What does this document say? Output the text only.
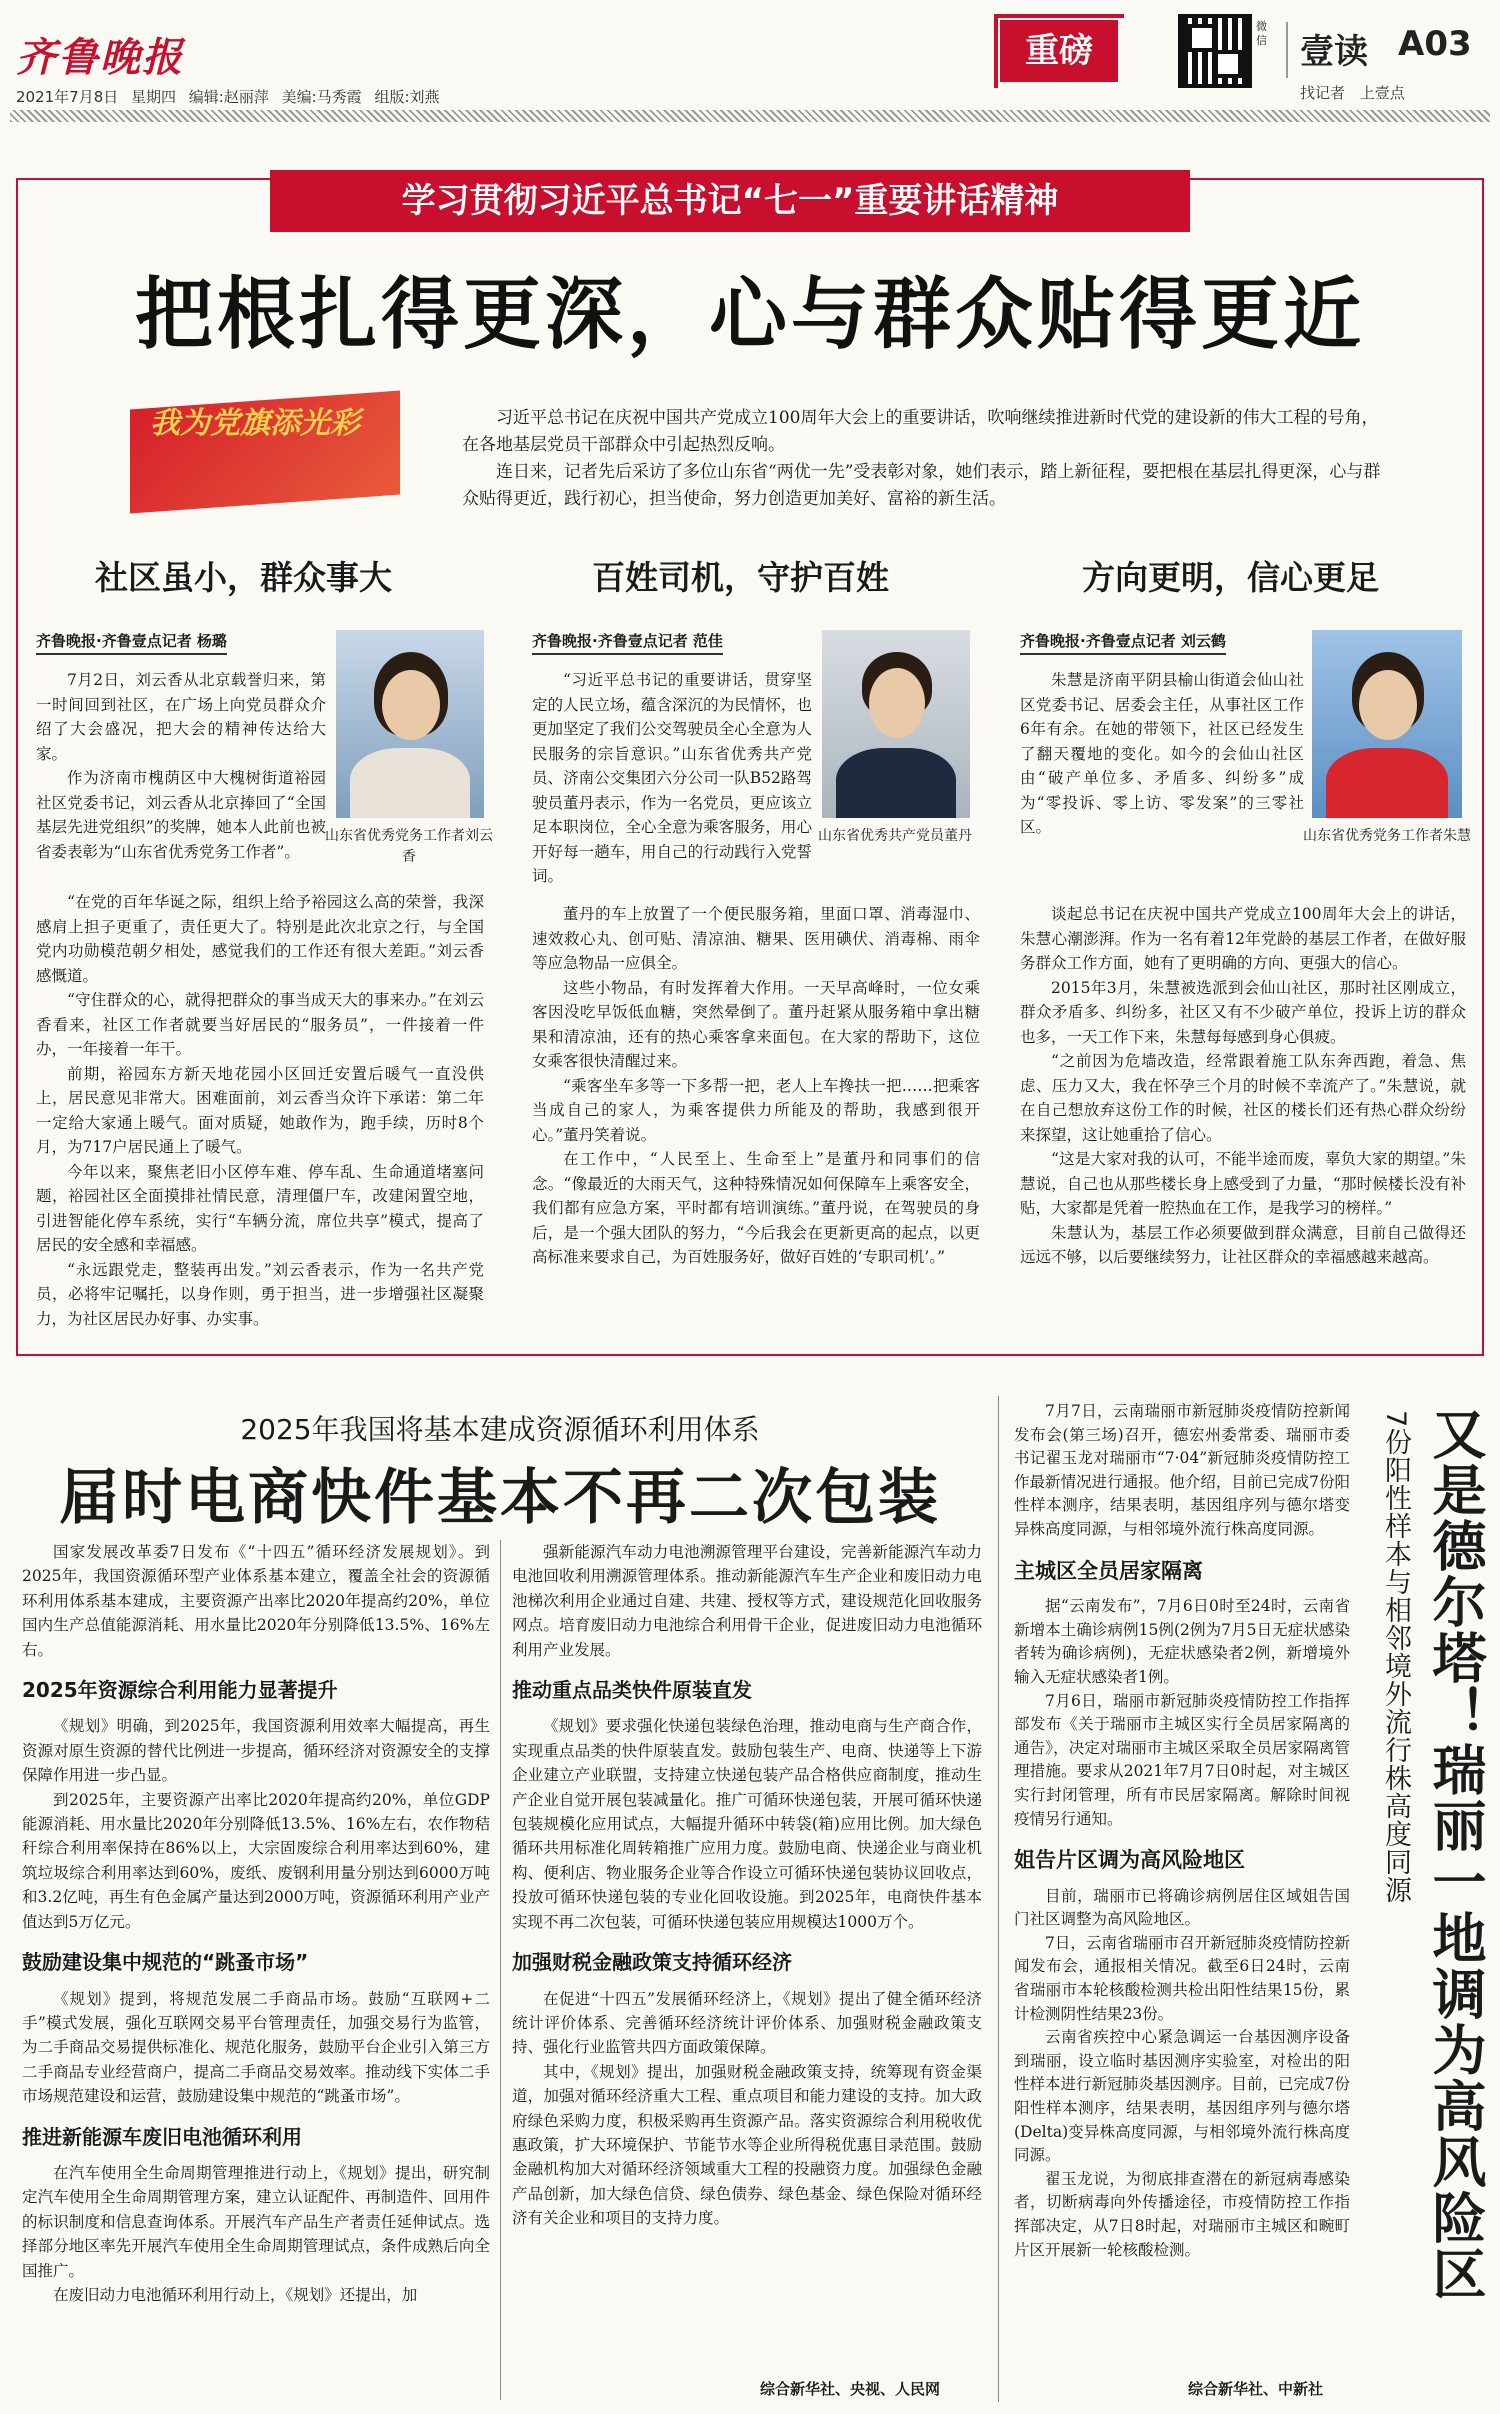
齐鲁晚报
2021年7月8日 星期四 编辑:赵丽萍 美编:马秀霞 组版:刘燕
重磅
微信 壹读 A03
找记者 上壹点
学习贯彻习近平总书记“七一”重要讲话精神
把根扎得更深，心与群众贴得更近
我为党旗添光彩	习近平总书记在庆祝中国共产党成立100周年大会上的重要讲话，吹响继续推进新时代党的建设新的伟大工程的号角，在各地基层党员干部群众中引起热烈反响。

连日来，记者先后采访了多位山东省“两优一先”受表彰对象，她们表示，踏上新征程，要把根在基层扎得更深，心与群众贴得更近，践行初心，担当使命，努力创造更加美好、富裕的新生活。

社区虽小，群众事大
齐鲁晚报·齐鲁壹点记者 杨璐

7月2日，刘云香从北京载誉归来，第一时间回到社区，在广场上向党员群众介绍了大会盛况，把大会的精神传达给大家。

作为济南市槐荫区中大槐树街道裕园社区党委书记，刘云香从北京捧回了“全国基层先进党组织”的奖牌，她本人此前也被省委表彰为“山东省优秀党务工作者”。

山东省优秀党务工作者刘云香

“在党的百年华诞之际，组织上给予裕园这么高的荣誉，我深感肩上担子更重了，责任更大了。特别是此次北京之行，与全国党内功勋模范朝夕相处，感觉我们的工作还有很大差距。”刘云香感慨道。

“守住群众的心，就得把群众的事当成天大的事来办。”在刘云香看来，社区工作者就要当好居民的“服务员”，一件接着一件办，一年接着一年干。

前期，裕园东方新天地花园小区回迁安置后暖气一直没供上，居民意见非常大。困难面前，刘云香当众许下承诺：第二年一定给大家通上暖气。面对质疑，她敢作为，跑手续，历时8个月，为717户居民通上了暖气。

今年以来，聚焦老旧小区停车难、停车乱、生命通道堵塞问题，裕园社区全面摸排社情民意，清理僵尸车，改建闲置空地，引进智能化停车系统，实行“车辆分流，席位共享”模式，提高了居民的安全感和幸福感。

“永远跟党走，整装再出发。”刘云香表示，作为一名共产党员，必将牢记嘱托，以身作则，勇于担当，进一步增强社区凝聚力，为社区居民办好事、办实事。

百姓司机，守护百姓
齐鲁晚报·齐鲁壹点记者 范佳

“习近平总书记的重要讲话，贯穿坚定的人民立场，蕴含深沉的为民情怀，也更加坚定了我们公交驾驶员全心全意为人民服务的宗旨意识。”山东省优秀共产党员、济南公交集团六分公司一队B52路驾驶员董丹表示，作为一名党员，更应该立足本职岗位，全心全意为乘客服务，用心开好每一趟车，用自己的行动践行入党誓词。

山东省优秀共产党员董丹

董丹的车上放置了一个便民服务箱，里面口罩、消毒湿巾、速效救心丸、创可贴、清凉油、糖果、医用碘伏、消毒棉、雨伞等应急物品一应俱全。

这些小物品，有时发挥着大作用。一天早高峰时，一位女乘客因没吃早饭低血糖，突然晕倒了。董丹赶紧从服务箱中拿出糖果和清凉油，还有的热心乘客拿来面包。在大家的帮助下，这位女乘客很快清醒过来。

“乘客坐车多等一下多帮一把，老人上车搀扶一把……把乘客当成自己的家人，为乘客提供力所能及的帮助，我感到很开心。”董丹笑着说。

在工作中，“人民至上、生命至上”是董丹和同事们的信念。“像最近的大雨天气，这种特殊情况如何保障车上乘客安全，我们都有应急方案，平时都有培训演练。”董丹说，在驾驶员的身后，是一个强大团队的努力，“今后我会在更新更高的起点，以更高标准来要求自己，为百姓服务好，做好百姓的‘专职司机’。”

方向更明，信心更足
齐鲁晚报·齐鲁壹点记者 刘云鹤

朱慧是济南平阴县榆山街道会仙山社区党委书记、居委会主任，从事社区工作6年有余。在她的带领下，社区已经发生了翻天覆地的变化。如今的会仙山社区由“破产单位多、矛盾多、纠纷多”成为“零投诉、零上访、零发案”的三零社区。	山东省优秀党务工作者朱慧

谈起总书记在庆祝中国共产党成立100周年大会上的讲话，朱慧心潮澎湃。作为一名有着12年党龄的基层工作者，在做好服务群众工作方面，她有了更明确的方向、更强大的信心。

2015年3月，朱慧被选派到会仙山社区，那时社区刚成立，群众矛盾多、纠纷多，社区又有不少破产单位，投诉上访的群众也多，一天工作下来，朱慧每每感到身心俱疲。

“之前因为危墙改造，经常跟着施工队东奔西跑，着急、焦虑、压力又大，我在怀孕三个月的时候不幸流产了。”朱慧说，就在自己想放弃这份工作的时候，社区的楼长们还有热心群众纷纷来探望，这让她重拾了信心。

“这是大家对我的认可，不能半途而废，辜负大家的期望。”朱慧说，自己也从那些楼长身上感受到了力量，“那时候楼长没有补贴，大家都是凭着一腔热血在工作，是我学习的榜样。”

朱慧认为，基层工作必须要做到群众满意，目前自己做得还远远不够，以后要继续努力，让社区群众的幸福感越来越高。

2025年我国将基本建成资源循环利用体系
届时电商快件基本不再二次包装

国家发展改革委7日发布《“十四五”循环经济发展规划》。到2025年，我国资源循环型产业体系基本建立，覆盖全社会的资源循环利用体系基本建成，主要资源产出率比2020年提高约20%，单位国内生产总值能源消耗、用水量比2020年分别降低13.5%、16%左右。

2025年资源综合利用能力显著提升

《规划》明确，到2025年，我国资源利用效率大幅提高，再生资源对原生资源的替代比例进一步提高，循环经济对资源安全的支撑保障作用进一步凸显。

到2025年，主要资源产出率比2020年提高约20%，单位GDP能源消耗、用水量比2020年分别降低13.5%、16%左右，农作物秸秆综合利用率保持在86%以上，大宗固废综合利用率达到60%，建筑垃圾综合利用率达到60%，废纸、废钢利用量分别达到6000万吨和3.2亿吨，再生有色金属产量达到2000万吨，资源循环利用产业产值达到5万亿元。

鼓励建设集中规范的“跳蚤市场”

《规划》提到，将规范发展二手商品市场。鼓励“互联网+二手”模式发展，强化互联网交易平台管理责任，加强交易行为监管，为二手商品交易提供标准化、规范化服务，鼓励平台企业引入第三方二手商品专业经营商户，提高二手商品交易效率。推动线下实体二手市场规范建设和运营，鼓励建设集中规范的“跳蚤市场”。

推进新能源车废旧电池循环利用

在汽车使用全生命周期管理推进行动上，《规划》提出，研究制定汽车使用全生命周期管理方案，建立认证配件、再制造件、回用件的标识制度和信息查询体系。开展汽车产品生产者责任延伸试点。选择部分地区率先开展汽车使用全生命周期管理试点，条件成熟后向全国推广。

在废旧动力电池循环利用行动上，《规划》还提出，加

强新能源汽车动力电池溯源管理平台建设，完善新能源汽车动力电池回收利用溯源管理体系。推动新能源汽车生产企业和废旧动力电池梯次利用企业通过自建、共建、授权等方式，建设规范化回收服务网点。培育废旧动力电池综合利用骨干企业，促进废旧动力电池循环利用产业发展。

推动重点品类快件原装直发

《规划》要求强化快递包装绿色治理，推动电商与生产商合作，实现重点品类的快件原装直发。鼓励包装生产、电商、快递等上下游企业建立产业联盟，支持建立快递包装产品合格供应商制度，推动生产企业自觉开展包装减量化。推广可循环快递包装，开展可循环快递包装规模化应用试点，大幅提升循环中转袋(箱)应用比例。加大绿色循环共用标准化周转箱推广应用力度。鼓励电商、快递企业与商业机构、便利店、物业服务企业等合作设立可循环快递包装协议回收点，投放可循环快递包装的专业化回收设施。到2025年，电商快件基本实现不再二次包装，可循环快递包装应用规模达1000万个。

加强财税金融政策支持循环经济

在促进“十四五”发展循环经济上，《规划》提出了健全循环经济统计评价体系、完善循环经济统计评价体系、加强财税金融政策支持、强化行业监管共四方面政策保障。

其中，《规划》提出，加强财税金融政策支持，统筹现有资金渠道，加强对循环经济重大工程、重点项目和能力建设的支持。加大政府绿色采购力度，积极采购再生资源产品。落实资源综合利用税收优惠政策，扩大环境保护、节能节水等企业所得税优惠目录范围。鼓励金融机构加大对循环经济领域重大工程的投融资力度。加强绿色金融产品创新，加大绿色信贷、绿色债券、绿色基金、绿色保险对循环经济有关企业和项目的支持力度。

综合新华社、央视、人民网

7月7日，云南瑞丽市新冠肺炎疫情防控新闻发布会(第三场)召开，德宏州委常委、瑞丽市委书记翟玉龙对瑞丽市“7·04”新冠肺炎疫情防控工作最新情况进行通报。他介绍，目前已完成7份阳性样本测序，结果表明，基因组序列与德尔塔变异株高度同源，与相邻境外流行株高度同源。

主城区全员居家隔离

据“云南发布”，7月6日0时至24时，云南省新增本土确诊病例15例(2例为7月5日无症状感染者转为确诊病例)，无症状感染者2例，新增境外输入无症状感染者1例。

7月6日，瑞丽市新冠肺炎疫情防控工作指挥部发布《关于瑞丽市主城区实行全员居家隔离的通告》，决定对瑞丽市主城区采取全员居家隔离管理措施。要求从2021年7月7日0时起，对主城区实行封闭管理，所有市民居家隔离。解除时间视疫情另行通知。

姐告片区调为高风险地区

目前，瑞丽市已将确诊病例居住区域姐告国门社区调整为高风险地区。

7日，云南省瑞丽市召开新冠肺炎疫情防控新闻发布会，通报相关情况。截至6日24时，云南省瑞丽市本轮核酸检测共检出阳性结果15份，累计检测阴性结果23份。

云南省疾控中心紧急调运一台基因测序设备到瑞丽，设立临时基因测序实验室，对检出的阳性样本进行新冠肺炎基因测序。目前，已完成7份阳性样本测序，结果表明，基因组序列与德尔塔(Delta)变异株高度同源，与相邻境外流行株高度同源。

翟玉龙说，为彻底排查潜在的新冠病毒感染者，切断病毒向外传播途径，市疫情防控工作指挥部决定，从7日8时起，对瑞丽市主城区和畹町片区开展新一轮核酸检测。

综合新华社、中新社
7份阳性样本与相邻境外流行株高度同源 又是德尔塔！瑞丽一地调为高风险区
